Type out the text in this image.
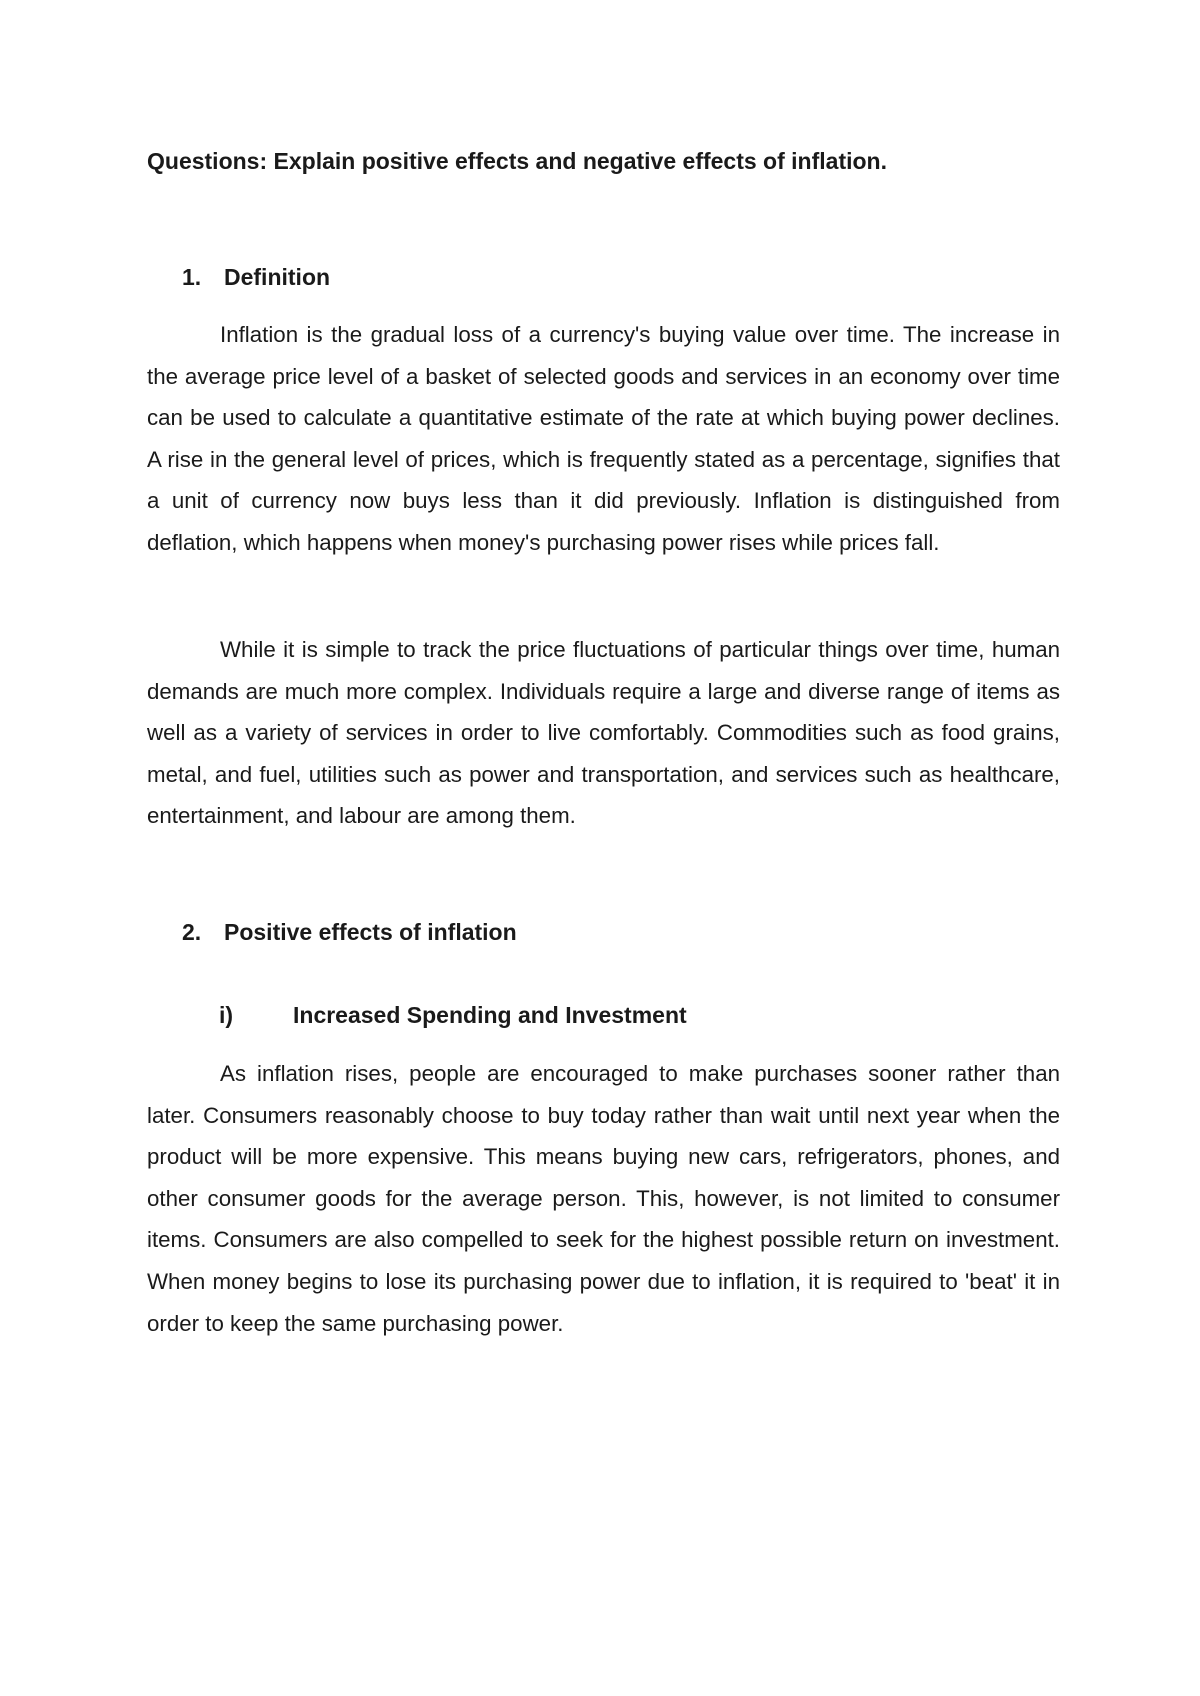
Questions: Explain positive effects and negative effects of inflation.
1. Definition

Inflation is the gradual loss of a currency's buying value over time. The increase in the average price level of a basket of selected goods and services in an economy over time can be used to calculate a quantitative estimate of the rate at which buying power declines. A rise in the general level of prices, which is frequently stated as a percentage, signifies that a unit of currency now buys less than it did previously. Inflation is distinguished from deflation, which happens when money's purchasing power rises while prices fall.

While it is simple to track the price fluctuations of particular things over time, human demands are much more complex. Individuals require a large and diverse range of items as well as a variety of services in order to live comfortably. Commodities such as food grains, metal, and fuel, utilities such as power and transportation, and services such as healthcare, entertainment, and labour are among them.

2. Positive effects of inflation
i)	Increased Spending and Investment

As inflation rises, people are encouraged to make purchases sooner rather than later. Consumers reasonably choose to buy today rather than wait until next year when the product will be more expensive. This means buying new cars, refrigerators, phones, and other consumer goods for the average person. This, however, is not limited to consumer items. Consumers are also compelled to seek for the highest possible return on investment. When money begins to lose its purchasing power due to inflation, it is required to 'beat' it in order to keep the same purchasing power.
